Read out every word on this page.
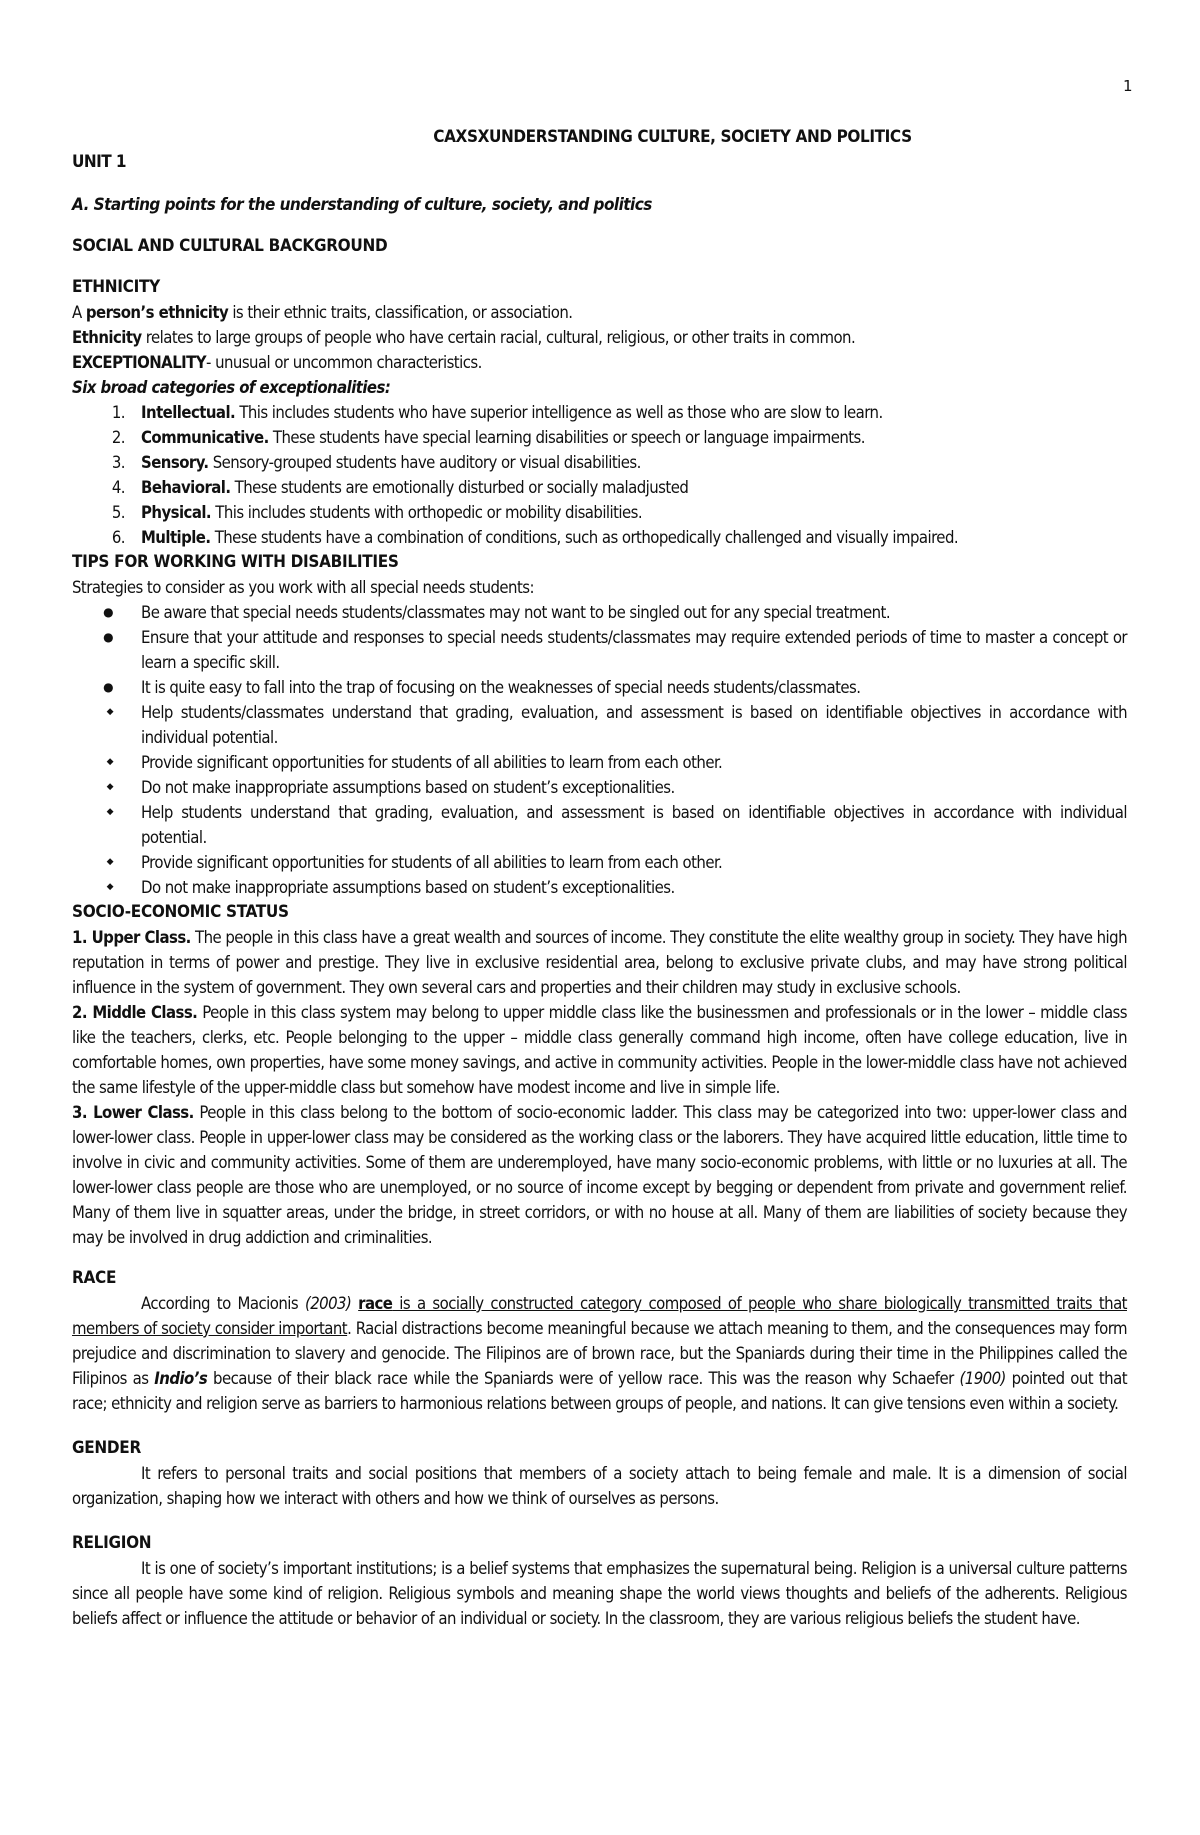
1
CAXSXUNDERSTANDING CULTURE, SOCIETY AND POLITICS
UNIT 1

A. Starting points for the understanding of culture, society, and politics

SOCIAL AND CULTURAL BACKGROUND

ETHNICITY

A person’s ethnicity is their ethnic traits, classification, or association.

Ethnicity relates to large groups of people who have certain racial, cultural, religious, or other traits in common.

EXCEPTIONALITY- unusual or uncommon characteristics.

Six broad categories of exceptionalities:

1. Intellectual. This includes students who have superior intelligence as well as those who are slow to learn.
2. Communicative. These students have special learning disabilities or speech or language impairments.
3. Sensory. Sensory-grouped students have auditory or visual disabilities.
4. Behavioral. These students are emotionally disturbed or socially maladjusted
5. Physical. This includes students with orthopedic or mobility disabilities.
6. Multiple. These students have a combination of conditions, such as orthopedically challenged and visually impaired.

TIPS FOR WORKING WITH DISABILITIES

Strategies to consider as you work with all special needs students:

●	Be aware that special needs students/classmates may not want to be singled out for any special treatment.
●	Ensure that your attitude and responses to special needs students/classmates may require extended periods of time to master a concept or learn a specific skill.
●	It is quite easy to fall into the trap of focusing on the weaknesses of special needs students/classmates.
◆	Help students/classmates understand that grading, evaluation, and assessment is based on identifiable objectives in accordance with individual potential.
◆	Provide significant opportunities for students of all abilities to learn from each other.
◆	Do not make inappropriate assumptions based on student’s exceptionalities.
◆	Help students understand that grading, evaluation, and assessment is based on identifiable objectives in accordance with individual potential.
◆	Provide significant opportunities for students of all abilities to learn from each other.
◆	Do not make inappropriate assumptions based on student’s exceptionalities.

SOCIO-ECONOMIC STATUS

1. Upper Class. The people in this class have a great wealth and sources of income. They constitute the elite wealthy group in society. They have high reputation in terms of power and prestige. They live in exclusive residential area, belong to exclusive private clubs, and may have strong political influence in the system of government. They own several cars and properties and their children may study in exclusive schools.

2. Middle Class. People in this class system may belong to upper middle class like the businessmen and professionals or in the lower – middle class like the teachers, clerks, etc. People belonging to the upper – middle class generally command high income, often have college education, live in comfortable homes, own properties, have some money savings, and active in community activities. People in the lower-middle class have not achieved the same lifestyle of the upper-middle class but somehow have modest income and live in simple life.

3. Lower Class. People in this class belong to the bottom of socio-economic ladder. This class may be categorized into two: upper-lower class and lower-lower class. People in upper-lower class may be considered as the working class or the laborers. They have acquired little education, little time to involve in civic and community activities. Some of them are underemployed, have many socio-economic problems, with little or no luxuries at all. The lower-lower class people are those who are unemployed, or no source of income except by begging or dependent from private and government relief. Many of them live in squatter areas, under the bridge, in street corridors, or with no house at all. Many of them are liabilities of society because they may be involved in drug addiction and criminalities.

RACE

According to Macionis (2003) race is a socially constructed category composed of people who share biologically transmitted traits that members of society consider important. Racial distractions become meaningful because we attach meaning to them, and the consequences may form prejudice and discrimination to slavery and genocide. The Filipinos are of brown race, but the Spaniards during their time in the Philippines called the Filipinos as Indio’s because of their black race while the Spaniards were of yellow race. This was the reason why Schaefer (1900) pointed out that race; ethnicity and religion serve as barriers to harmonious relations between groups of people, and nations. It can give tensions even within a society.

GENDER

It refers to personal traits and social positions that members of a society attach to being female and male. It is a dimension of social organization, shaping how we interact with others and how we think of ourselves as persons.

RELIGION

It is one of society’s important institutions; is a belief systems that emphasizes the supernatural being. Religion is a universal culture patterns since all people have some kind of religion. Religious symbols and meaning shape the world views thoughts and beliefs of the adherents. Religious beliefs affect or influence the attitude or behavior of an individual or society. In the classroom, they are various religious beliefs the student have.
